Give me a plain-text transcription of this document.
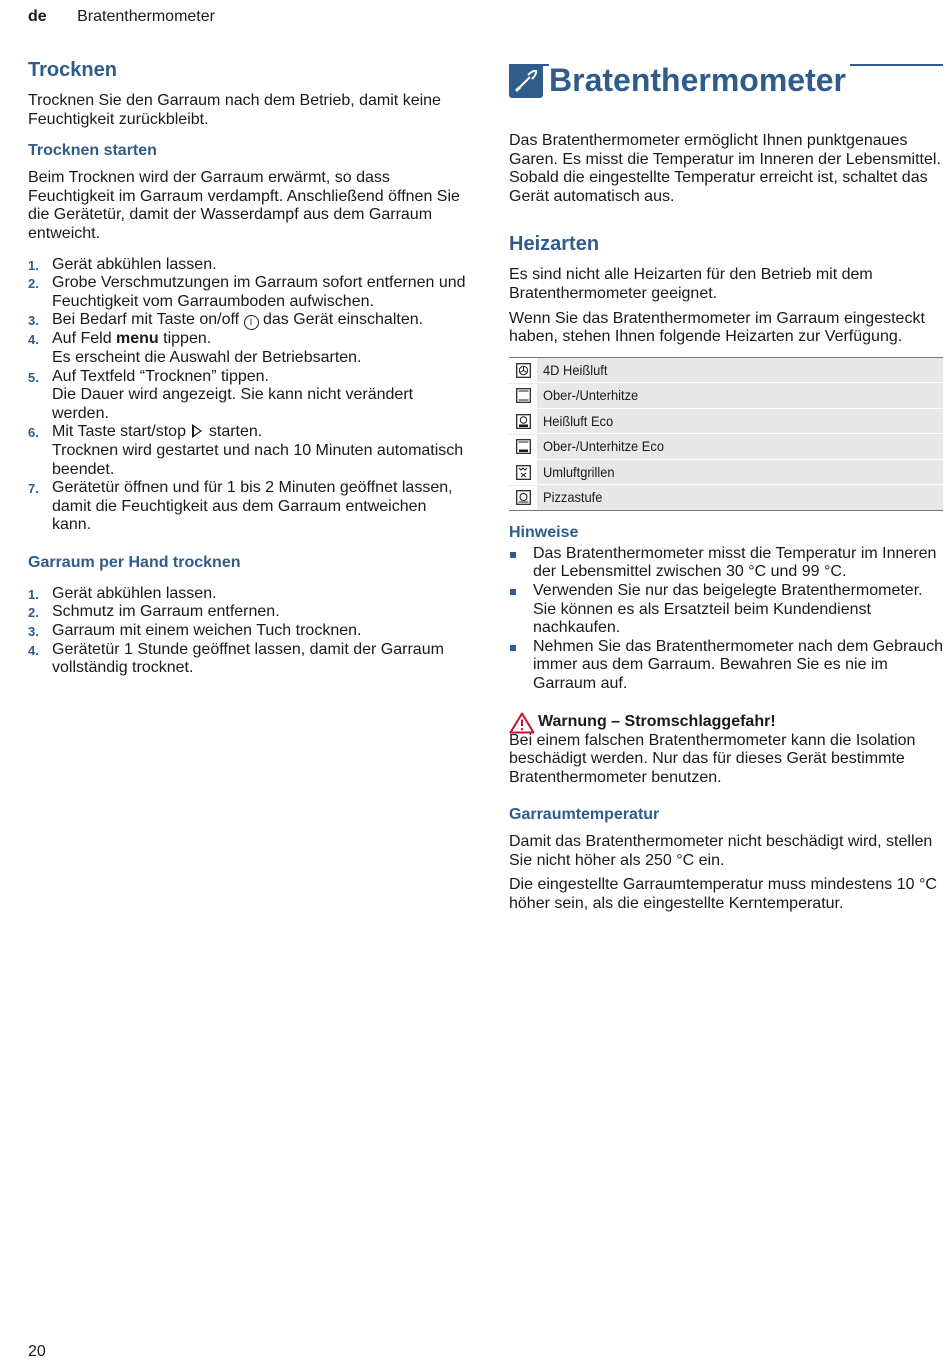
de Bratenthermometer
Trocknen

Trocknen Sie den Garraum nach dem Betrieb, damit keine Feuchtigkeit zurückbleibt.

Trocknen starten

Beim Trocknen wird der Garraum erwärmt, so dass Feuchtigkeit im Garraum verdampft. Anschließend öffnen Sie die Gerätetür, damit der Wasserdampf aus dem Garraum entweicht.

1. Gerät abkühlen lassen.
2. Grobe Verschmutzungen im Garraum sofort entfernen und Feuchtigkeit vom Garraumboden aufwischen.
3. Bei Bedarf mit Taste on/off I das Gerät einschalten.
4. Auf Feld menu tippen.
Es erscheint die Auswahl der Betriebsarten.
5. Auf Textfeld “Trocknen” tippen.
Die Dauer wird angezeigt. Sie kann nicht verändert werden.
6. Mit Taste start/stop  starten.
Trocknen wird gestartet und nach 10 Minuten automatisch beendet.
7. Gerätetür öffnen und für 1 bis 2 Minuten geöffnet lassen, damit die Feuchtigkeit aus dem Garraum entweichen kann.
Garraum per Hand trocknen
1. Gerät abkühlen lassen.
2. Schmutz im Garraum entfernen.
3. Garraum mit einem weichen Tuch trocknen.
4. Gerätetür 1 Stunde geöffnet lassen, damit der Garraum vollständig trocknet.
Bratenthermometer

Das Bratenthermometer ermöglicht Ihnen punktgenaues Garen. Es misst die Temperatur im Inneren der Lebensmittel. Sobald die eingestellte Temperatur erreicht ist, schaltet das Gerät automatisch aus.

Heizarten

Es sind nicht alle Heizarten für den Betrieb mit dem Bratenthermometer geeignet.

Wenn Sie das Bratenthermometer im Garraum eingesteckt haben, stehen Ihnen folgende Heizarten zur Verfügung.

4D Heißluft
Ober-/Unterhitze
Heißluft Eco
Ober-/Unterhitze Eco
Umluftgrillen
Pizzastufe
Hinweise
Das Bratenthermometer misst die Temperatur im Inneren der Lebensmittel zwischen 30 °C und 99 °C.
Verwenden Sie nur das beigelegte Bratenthermometer. Sie können es als Ersatzteil beim Kundendienst nachkaufen.
Nehmen Sie das Bratenthermometer nach dem Gebrauch immer aus dem Garraum. Bewahren Sie es nie im Garraum auf.
Warnung – Stromschlaggefahr!

Bei einem falschen Bratenthermometer kann die Isolation beschädigt werden. Nur das für dieses Gerät bestimmte Bratenthermometer benutzen.

Garraumtemperatur

Damit das Bratenthermometer nicht beschädigt wird, stellen Sie nicht höher als 250 °C ein.

Die eingestellte Garraumtemperatur muss mindestens 10 °C höher sein, als die eingestellte Kerntemperatur.

20
